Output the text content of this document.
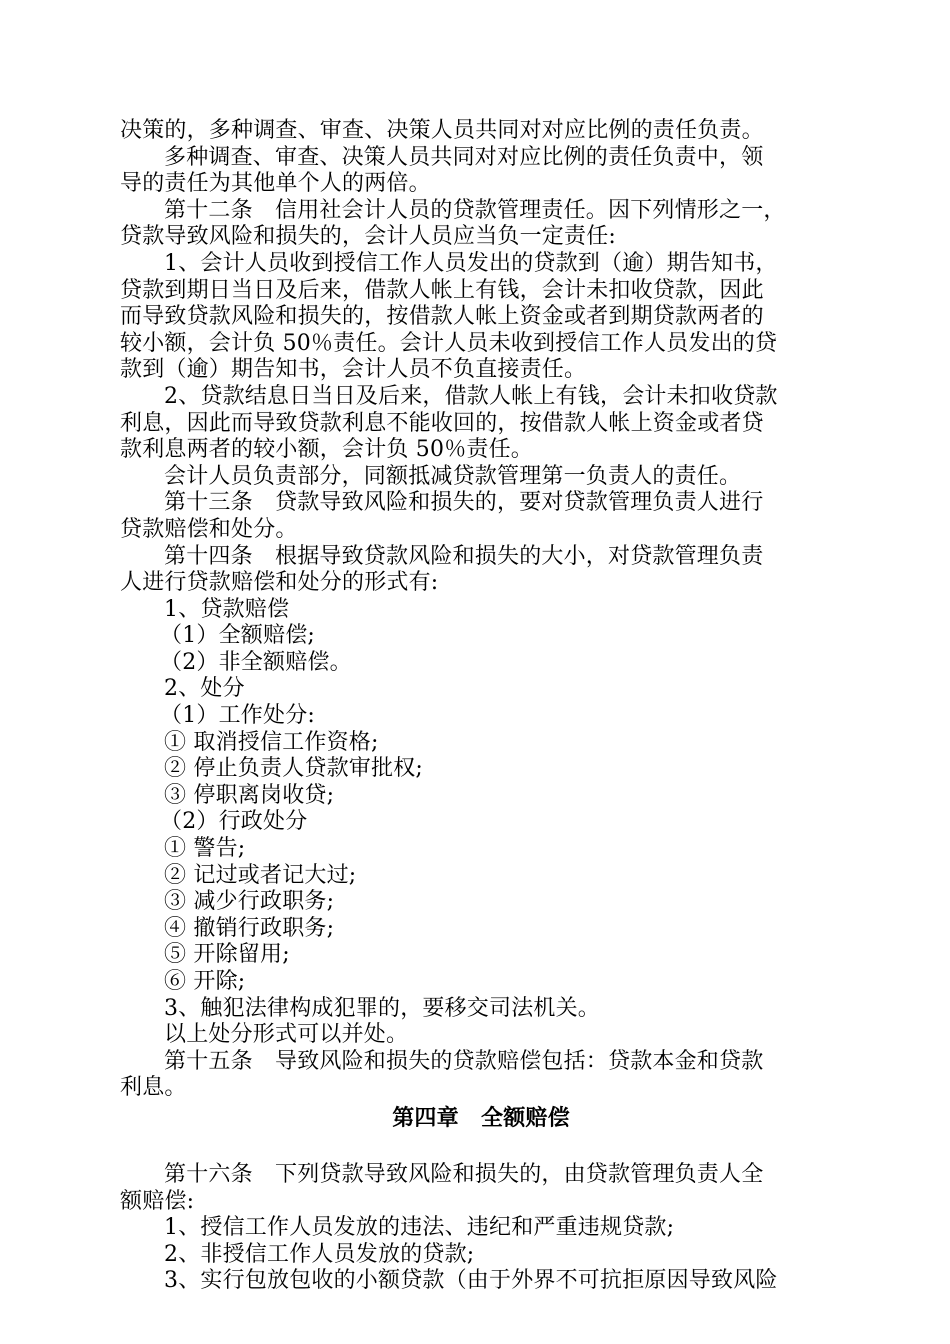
决策的，多种调查、审查、决策人员共同对对应比例的责任负责。
多种调查、审查、决策人员共同对对应比例的责任负责中，领
导的责任为其他单个人的两倍。
第十二条　信用社会计人员的贷款管理责任。因下列情形之一，
贷款导致风险和损失的，会计人员应当负一定责任:
1、会计人员收到授信工作人员发出的贷款到（逾）期告知书，
贷款到期日当日及后来，借款人帐上有钱，会计未扣收贷款，因此
而导致贷款风险和损失的，按借款人帐上资金或者到期贷款两者的
较小额，会计负 50％责任。会计人员未收到授信工作人员发出的贷
款到（逾）期告知书，会计人员不负直接责任。
2、贷款结息日当日及后来，借款人帐上有钱，会计未扣收贷款
利息，因此而导致贷款利息不能收回的，按借款人帐上资金或者贷
款利息两者的较小额，会计负 50％责任。
会计人员负责部分，同额抵减贷款管理第一负责人的责任。
第十三条　贷款导致风险和损失的，要对贷款管理负责人进行
贷款赔偿和处分。
第十四条　根据导致贷款风险和损失的大小，对贷款管理负责
人进行贷款赔偿和处分的形式有:
1、贷款赔偿
（1）全额赔偿;
（2）非全额赔偿。
2、处分
（1）工作处分:
① 取消授信工作资格;
② 停止负责人贷款审批权;
③ 停职离岗收贷;
（2）行政处分
① 警告;
② 记过或者记大过;
③ 减少行政职务;
④ 撤销行政职务;
⑤ 开除留用;
⑥ 开除;
3、触犯法律构成犯罪的，要移交司法机关。
以上处分形式可以并处。
第十五条　导致风险和损失的贷款赔偿包括：贷款本金和贷款
利息。
第四章　全额赔偿
第十六条　下列贷款导致风险和损失的，由贷款管理负责人全
额赔偿:
1、授信工作人员发放的违法、违纪和严重违规贷款;
2、非授信工作人员发放的贷款;
3、实行包放包收的小额贷款（由于外界不可抗拒原因导致风险
